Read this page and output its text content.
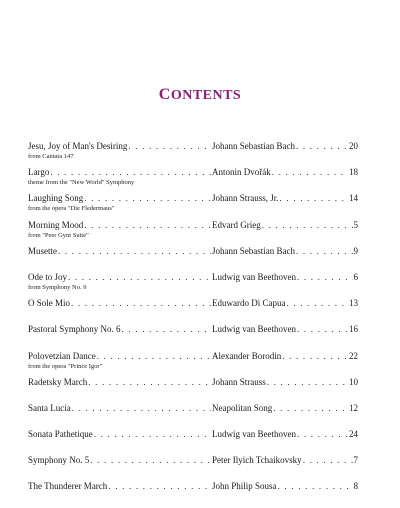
CONTENTS
Jesu, Joy of Man's Desiring . . .	Johann Sebastian Bach . . .	20
from Cantata 147
Largo . . .	Antonin Dvořák . . .	18
theme from the "New World" Symphony
Laughing Song . . .	Johann Strauss, Jr. . . .	14
from the opera "Die Fledermaus"
Morning Mood . . .	Edvard Grieg . . .	5
from "Peer Gynt Suite"
Musette . . .	Johann Sebastian Bach . . .	9
Ode to Joy . . .	Ludwig van Beethoven . . .	6
from Symphony No. 9
O Sole Mio . . .	Eduwardo Di Capua . . .	13
Pastoral Symphony No. 6 . . .	Ludwig van Beethoven . . .	16
Polovetzian Dance . . .	Alexander Borodin . . .	22
from the opera "Prince Igor"
Radetsky March . . .	Johann Strauss . . .	10
Santa Lucia . . .	Neapolitan Song . . .	12
Sonata Pathetique . . .	Ludwig van Beethoven . . .	24
Symphony No. 5 . . .	Peter Ilyich Tchaikovsky . . .	7
The Thunderer March . . .	John Philip Sousa . . .	8
